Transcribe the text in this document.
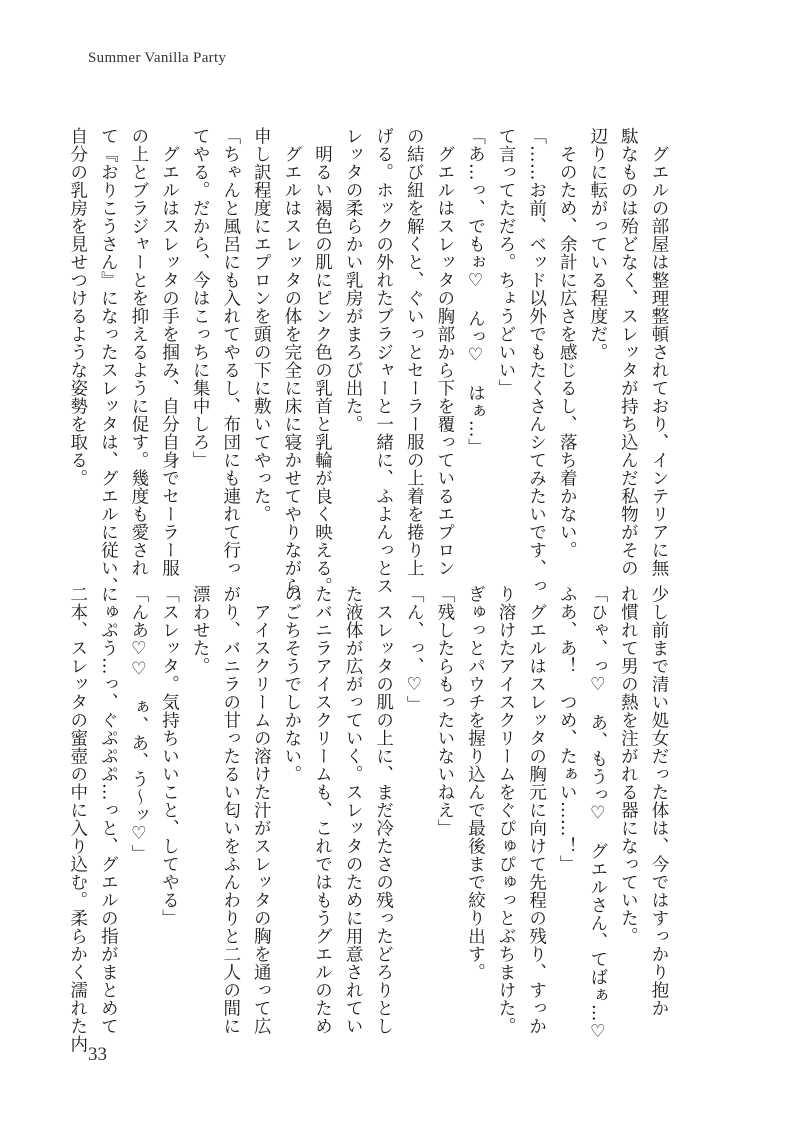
Summer Vanilla Party
　グエルの部屋は整理整頓されており、インテリアに無
駄なものは殆どなく、スレッタが持ち込んだ私物がその
辺りに転がっている程度だ。
　そのため、余計に広さを感じるし、落ち着かない。
「……お前、ベッド以外でもたくさんシてみたいです、っ
て言ってただろ。ちょうどいい」
「あ…っ、でもぉ♡　んっ♡　はぁ…」
　グエルはスレッタの胸部から下を覆っているエプロン
の結び紐を解くと、ぐいっとセーラー服の上着を捲り上
げる。ホックの外れたブラジャーと一緒に、ふよんっとス
レッタの柔らかい乳房がまろび出た。
　明るい褐色の肌にピンク色の乳首と乳輪が良く映える。
　グエルはスレッタの体を完全に床に寝かせてやりながら、
申し訳程度にエプロンを頭の下に敷いてやった。
「ちゃんと風呂にも入れてやるし、布団にも連れて行っ
てやる。だから、今はこっちに集中しろ」
　グエルはスレッタの手を掴み、自分自身でセーラー服
の上とブラジャーとを抑えるように促す。幾度も愛され
て『おりこうさん』になったスレッタは、グエルに従い、
自分の乳房を見せつけるような姿勢を取る。
少し前まで清い処女だった体は、今ではすっかり抱か
れ慣れて男の熱を注がれる器になっていた。
「ひゃ、っ♡　あ、もうっ♡　グエルさん、てばぁ…♡
ふあ、あ！　つめ、たぁい……！」
　グエルはスレッタの胸元に向けて先程の残り、すっか
り溶けたアイスクリームをぐぴゅぴゅっとぶちまけた。
ぎゅっとパウチを握り込んで最後まで絞り出す。
「残したらもったいないねえ」
「ん、っ、♡」
　スレッタの肌の上に、まだ冷たさの残ったどろりとし
た液体が広がっていく。スレッタのために用意されてい
たバニラアイスクリームも、これではもうグエルのため
のごちそうでしかない。
　アイスクリームの溶けた汁がスレッタの胸を通って広
がり、バニラの甘ったるい匂いをふんわりと二人の間に
漂わせた。
「スレッタ。気持ちいいこと、してやる」
「んあ♡♡　ぁ、あ、う〜ッ♡」
にゅぷう…っ、ぐぷぷぷ…っと、グエルの指がまとめて
二本、スレッタの蜜壺の中に入り込む。柔らかく濡れた内
33
